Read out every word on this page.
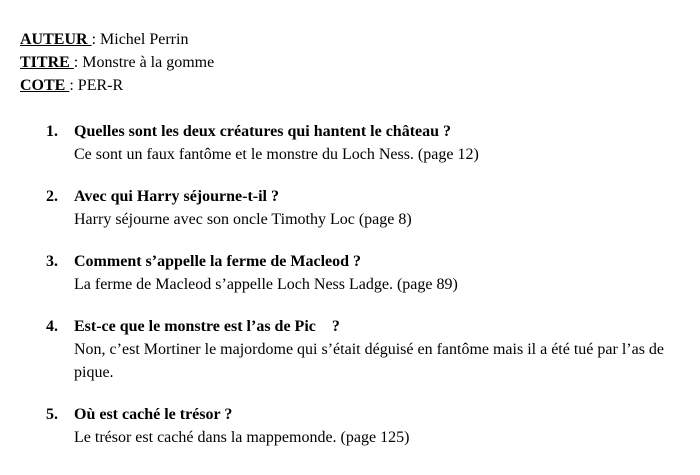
AUTEUR : Michel Perrin
TITRE : Monstre à la gomme
COTE : PER-R
1. Quelles sont les deux créatures qui hantent le château ?
Ce sont un faux fantôme et le monstre du Loch Ness. (page 12)
2. Avec qui Harry séjourne-t-il ?
Harry séjourne avec son oncle Timothy Loc (page 8)
3. Comment s’appelle la ferme de Macleod ?
La ferme de Macleod s’appelle Loch Ness Ladge. (page 89)
4. Est-ce que le monstre est l’as de Pic    ?
Non, c’est Mortiner le majordome qui s’était déguisé en fantôme mais il a été tué par l’as de pique.
5. Où est caché le trésor ?
Le trésor est caché dans la mappemonde. (page 125)
